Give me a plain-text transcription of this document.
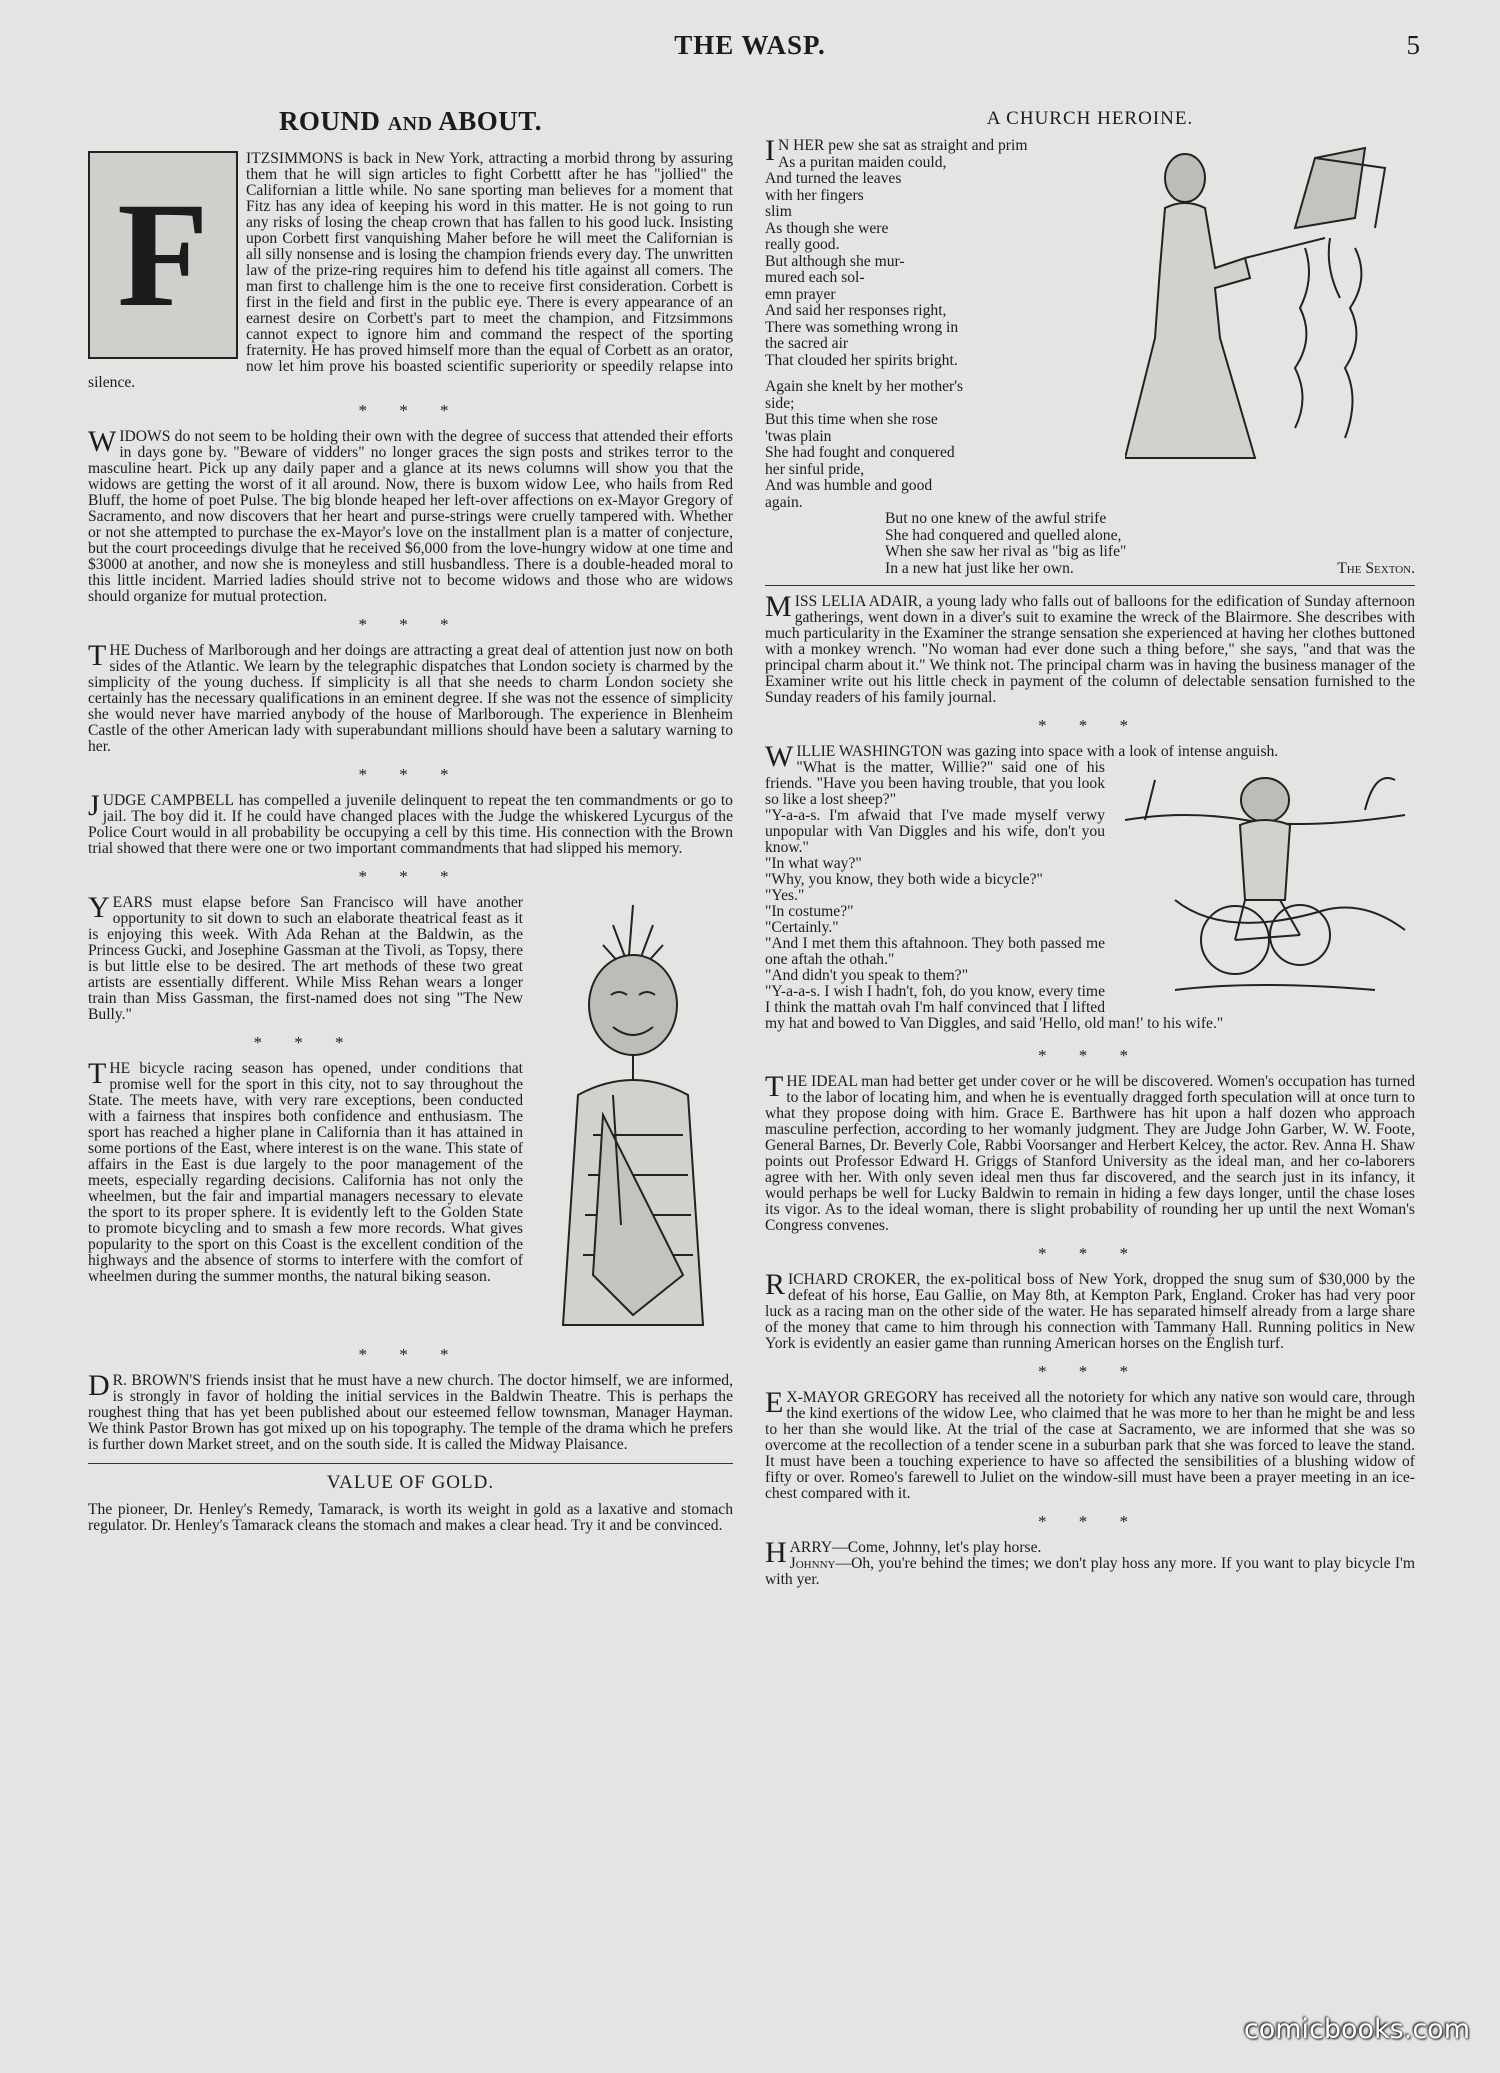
THE WASP.	5
ROUND AND ABOUT.
F

ITZSIMMONS is back in New York, attracting a morbid throng by assuring them that he will sign articles to fight Corbettt after he has "jollied" the Californian a little while. No sane sporting man believes for a moment that Fitz has any idea of keeping his word in this matter. He is not going to run any risks of losing the cheap crown that has fallen to his good luck. Insisting upon Corbett first vanquishing Maher before he will meet the Californian is all silly nonsense and is losing the champion friends every day. The unwritten law of the prize-ring requires him to defend his title against all comers. The man first to challenge him is the one to receive first consideration. Corbett is first in the field and first in the public eye. There is every appearance of an earnest desire on Corbett's part to meet the champion, and Fitzsimmons cannot expect to ignore him and command the respect of the sporting fraternity. He has proved himself more than the equal of Corbett as an orator, now let him prove his boasted scientific superiority or speedily relapse into silence.

* * *

WIDOWS do not seem to be holding their own with the degree of success that attended their efforts in days gone by. "Beware of vidders" no longer graces the sign posts and strikes terror to the masculine heart. Pick up any daily paper and a glance at its news columns will show you that the widows are getting the worst of it all around. Now, there is buxom widow Lee, who hails from Red Bluff, the home of poet Pulse. The big blonde heaped her left-over affections on ex-Mayor Gregory of Sacramento, and now discovers that her heart and purse-strings were cruelly tampered with. Whether or not she attempted to purchase the ex-Mayor's love on the installment plan is a matter of conjecture, but the court proceedings divulge that he received $6,000 from the love-hungry widow at one time and $3000 at another, and now she is moneyless and still husbandless. There is a double-headed moral to this little incident. Married ladies should strive not to become widows and those who are widows should organize for mutual protection.

* * *

THE Duchess of Marlborough and her doings are attracting a great deal of attention just now on both sides of the Atlantic. We learn by the telegraphic dispatches that London society is charmed by the simplicity of the young duchess. If simplicity is all that she needs to charm London society she certainly has the necessary qualifications in an eminent degree. If she was not the essence of simplicity she would never have married anybody of the house of Marlborough. The experience in Blenheim Castle of the other American lady with superabundant millions should have been a salutary warning to her.

* * *

JUDGE CAMPBELL has compelled a juvenile delinquent to repeat the ten commandments or go to jail. The boy did it. If he could have changed places with the Judge the whiskered Lycurgus of the Police Court would in all probability be occupying a cell by this time. His connection with the Brown trial showed that there were one or two important commandments that had slipped his memory.

* * *

YEARS must elapse before San Francisco will have another opportunity to sit down to such an elaborate theatrical feast as it is enjoying this week. With Ada Rehan at the Baldwin, as the Princess Gucki, and Josephine Gassman at the Tivoli, as Topsy, there is but little else to be desired. The art methods of these two great artists are essentially different. While Miss Rehan wears a longer train than Miss Gassman, the first-named does not sing "The New Bully."

* * *

THE bicycle racing season has opened, under conditions that promise well for the sport in this city, not to say throughout the State. The meets have, with very rare exceptions, been conducted with a fairness that inspires both confidence and enthusiasm. The sport has reached a higher plane in California than it has attained in some portions of the East, where interest is on the wane. This state of affairs in the East is due largely to the poor management of the meets, especially regarding decisions. California has not only the wheelmen, but the fair and impartial managers necessary to elevate the sport to its proper sphere. It is evidently left to the Golden State to promote bicycling and to smash a few more records. What gives popularity to the sport on this Coast is the excellent condition of the highways and the absence of storms to interfere with the comfort of wheelmen during the summer months, the natural biking season.

* * *

D R. BROWN'S friends insist that he must have a new church. The doctor himself, we are informed, is strongly in favor of holding the initial services in the Baldwin Theatre. This is perhaps the roughest thing that has yet been published about our esteemed fellow townsman, Manager Hayman. We think Pastor Brown has got mixed up on his topography. The temple of the drama which he prefers is further down Market street, and on the south side. It is called the Midway Plaisance.

VALUE OF GOLD.

The pioneer, Dr. Henley's Remedy, Tamarack, is worth its weight in gold as a laxative and stomach regulator. Dr. Henley's Tamarack cleans the stomach and makes a clear head. Try it and be convinced.

A CHURCH HEROINE.
I N HER pew she sat as straight and prim
As a puritan maiden could,
And turned the leaves
with her fingers
slim
As though she were
really good.
But although she mur-
mured each sol-
emn prayer
And said her responses right,
There was something wrong in
the sacred air
That clouded her spirits bright.
Again she knelt by her mother's
side;
But this time when she rose
'twas plain
She had fought and conquered
her sinful pride,
And was humble and good
again.
But no one knew of the awful strife
She had conquered and quelled alone,
When she saw her rival as "big as life"
In a new hat just like her own.	The Sexton.

MISS LELIA ADAIR, a young lady who falls out of balloons for the edification of Sunday afternoon gatherings, went down in a diver's suit to examine the wreck of the Blairmore. She describes with much particularity in the Examiner the strange sensation she experienced at having her clothes buttoned with a monkey wrench. "No woman had ever done such a thing before," she says, "and that was the principal charm about it." We think not. The principal charm was in having the business manager of the Examiner write out his little check in payment of the column of delectable sensation furnished to the Sunday readers of his family journal.

* * *

WILLIE WASHINGTON was gazing into space with a look of intense anguish.

"What is the matter, Willie?" said one of his friends. "Have you been having trouble, that you look so like a lost sheep?"

"Y-a-a-s. I'm afwaid that I've made myself verwy unpopular with Van Diggles and his wife, don't you know."

"In what way?"

"Why, you know, they both wide a bicycle?"

"Yes."

"In costume?"

"Certainly."

"And I met them this aftahnoon. They both passed me one aftah the othah."

"And didn't you speak to them?"

"Y-a-a-s. I wish I hadn't, foh, do you know, every time I think the mattah ovah I'm half convinced that I lifted my hat and bowed to Van Diggles, and said 'Hello, old man!' to his wife."

* * *

THE IDEAL man had better get under cover or he will be discovered. Women's occupation has turned to the labor of locating him, and when he is eventually dragged forth speculation will at once turn to what they propose doing with him. Grace E. Barthwere has hit upon a half dozen who approach masculine perfection, according to her womanly judgment. They are Judge John Garber, W. W. Foote, General Barnes, Dr. Beverly Cole, Rabbi Voorsanger and Herbert Kelcey, the actor. Rev. Anna H. Shaw points out Professor Edward H. Griggs of Stanford University as the ideal man, and her co-laborers agree with her. With only seven ideal men thus far discovered, and the search just in its infancy, it would perhaps be well for Lucky Baldwin to remain in hiding a few days longer, until the chase loses its vigor. As to the ideal woman, there is slight probability of rounding her up until the next Woman's Congress convenes.

* * *

RICHARD CROKER, the ex-political boss of New York, dropped the snug sum of $30,000 by the defeat of his horse, Eau Gallie, on May 8th, at Kempton Park, England. Croker has had very poor luck as a racing man on the other side of the water. He has separated himself already from a large share of the money that came to him through his connection with Tammany Hall. Running politics in New York is evidently an easier game than running American horses on the English turf.

* * *

E X-MAYOR GREGORY has received all the notoriety for which any native son would care, through the kind exertions of the widow Lee, who claimed that he was more to her than he might be and less to her than she would like. At the trial of the case at Sacramento, we are informed that she was so overcome at the recollection of a tender scene in a suburban park that she was forced to leave the stand. It must have been a touching experience to have so affected the sensibilities of a blushing widow of fifty or over. Romeo's farewell to Juliet on the window-sill must have been a prayer meeting in an ice-chest compared with it.

* * *

HARRY—Come, Johnny, let's play horse.

Johnny—Oh, you're behind the times; we don't play hoss any more. If you want to play bicycle I'm with yer.

comicbooks.com
